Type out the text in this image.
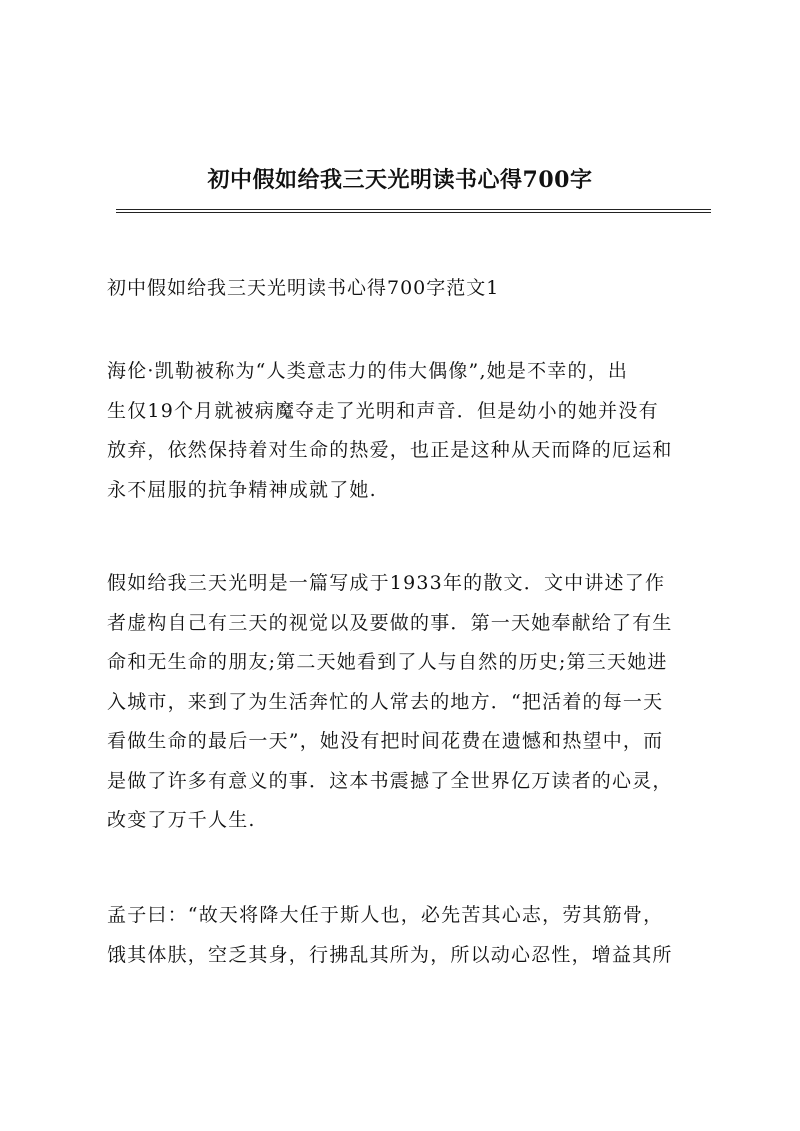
初中假如给我三天光明读书心得700字
初中假如给我三天光明读书心得700字范文1
海伦·凯勒被称为“人类意志力的伟大偶像”,她是不幸的，出
生仅19个月就被病魔夺走了光明和声音．但是幼小的她并没有
放弃，依然保持着对生命的热爱，也正是这种从天而降的厄运和
永不屈服的抗争精神成就了她.
假如给我三天光明是一篇写成于1933年的散文．文中讲述了作
者虚构自己有三天的视觉以及要做的事．第一天她奉献给了有生
命和无生命的朋友;第二天她看到了人与自然的历史;第三天她进
入城市，来到了为生活奔忙的人常去的地方．“把活着的每一天
看做生命的最后一天”，她没有把时间花费在遗憾和热望中，而
是做了许多有意义的事．这本书震撼了全世界亿万读者的心灵，
改变了万千人生.
孟子曰：“故天将降大任于斯人也，必先苦其心志，劳其筋骨，
饿其体肤，空乏其身，行拂乱其所为，所以动心忍性，增益其所
